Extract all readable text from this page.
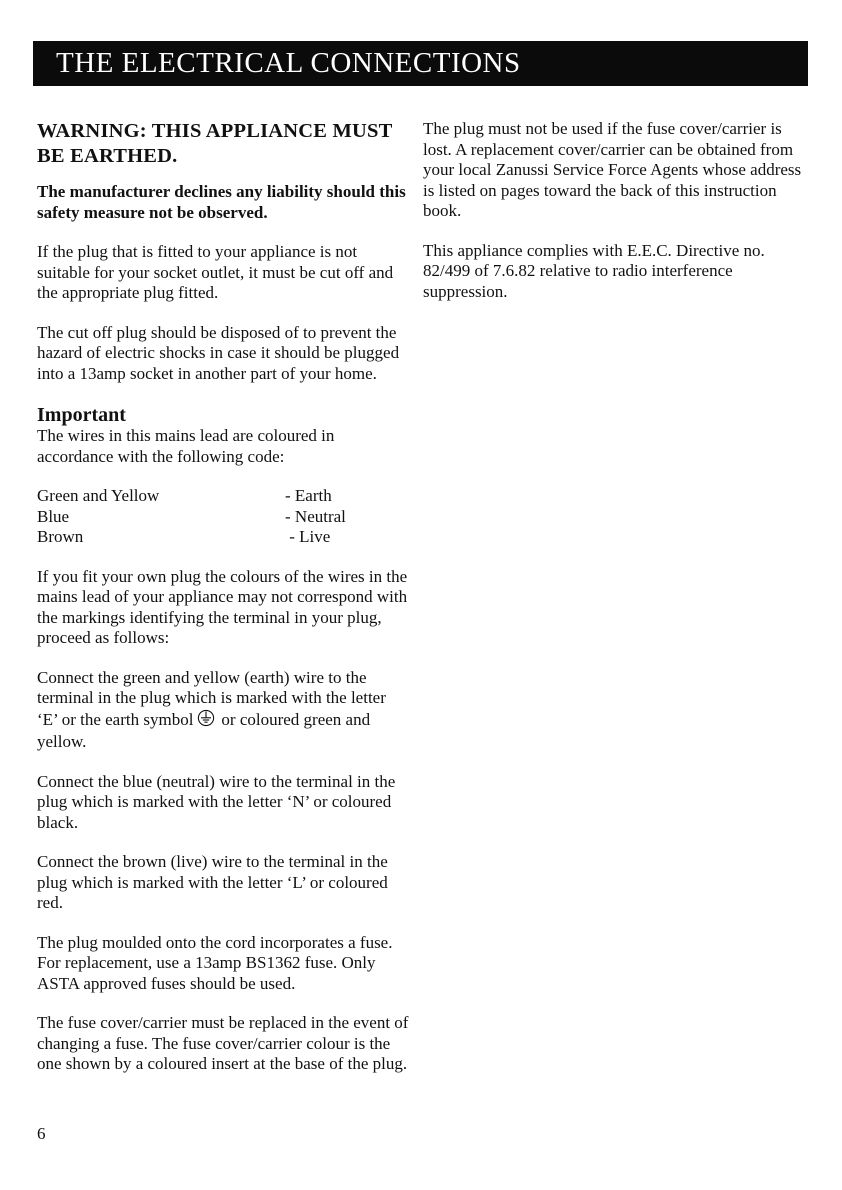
THE ELECTRICAL CONNECTIONS
WARNING: THIS APPLIANCE MUST BE EARTHED.

The manufacturer declines any liability should this safety measure not be observed.

If the plug that is fitted to your appliance is not suitable for your socket outlet, it must be cut off and the appropriate plug fitted.

The cut off plug should be disposed of to prevent the hazard of electric shocks in case it should be plugged into a 13amp socket in another part of your home.

Important

The wires in this mains lead are coloured in accordance with the following code:

Green and Yellow	- Earth
Blue	- Neutral
Brown	- Live

If you fit your own plug the colours of the wires in the mains lead of your appliance may not correspond with the markings identifying the terminal in your plug, proceed as follows:

Connect the green and yellow (earth) wire to the terminal in the plug which is marked with the letter ‘E’ or the earth symbol or coloured green and yellow.

Connect the blue (neutral) wire to the terminal in the plug which is marked with the letter ‘N’ or coloured black.

Connect the brown (live) wire to the terminal in the plug which is marked with the letter ‘L’ or coloured red.

The plug moulded onto the cord incorporates a fuse. For replacement, use a 13amp BS1362 fuse. Only ASTA approved fuses should be used.

The fuse cover/carrier must be replaced in the event of changing a fuse. The fuse cover/carrier colour is the one shown by a coloured insert at the base of the plug.

The plug must not be used if the fuse cover/carrier is lost. A replacement cover/carrier can be obtained from your local Zanussi Service Force Agents whose address is listed on pages toward the back of this instruction book.

This appliance complies with E.E.C. Directive no. 82/499 of 7.6.82 relative to radio interference suppression.

6
